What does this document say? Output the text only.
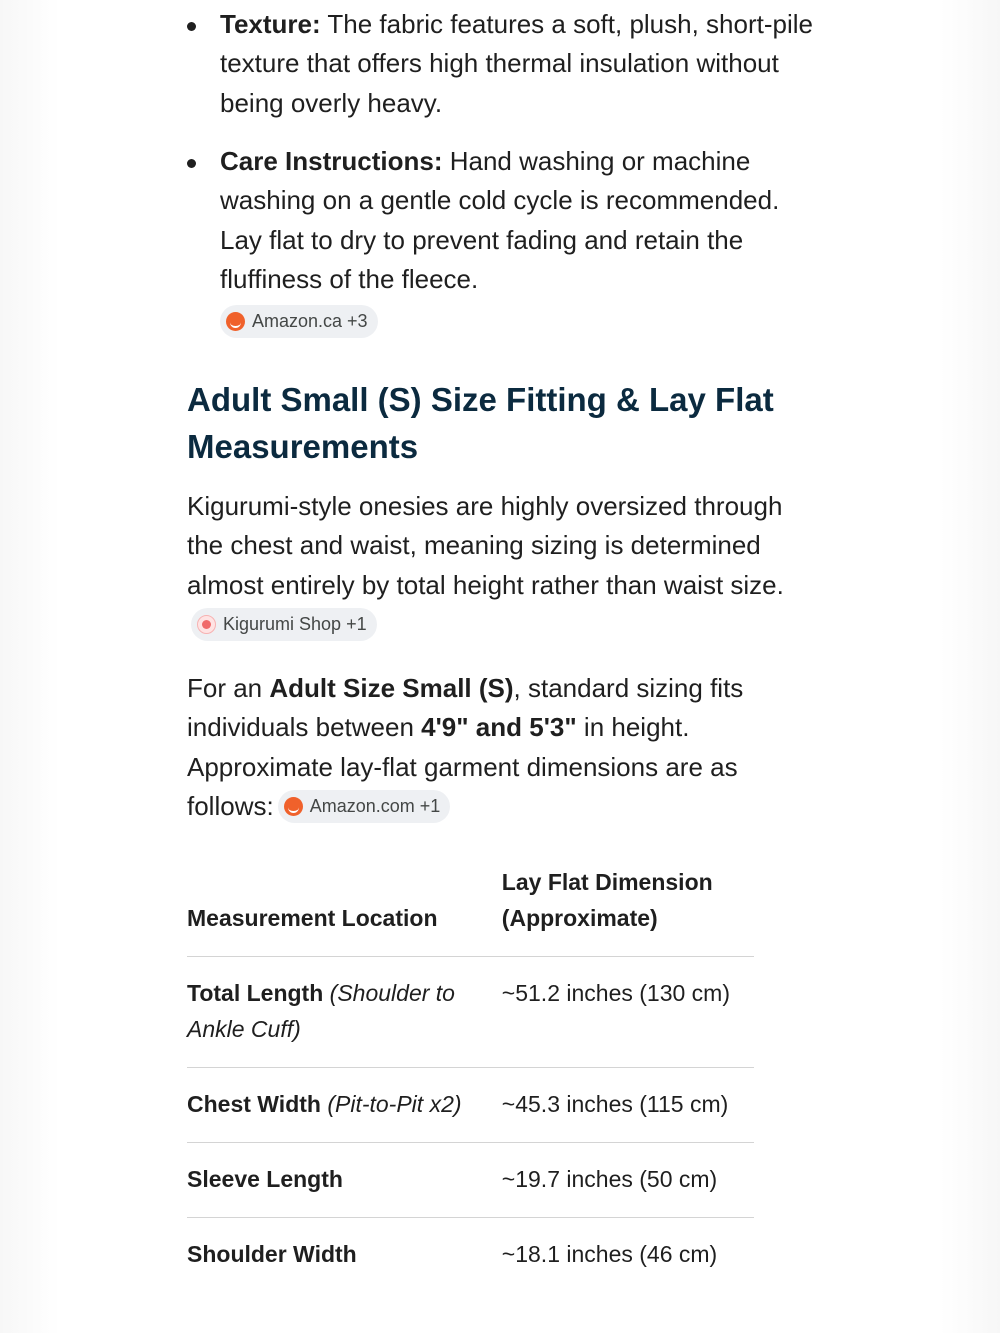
Texture: The fabric features a soft, plush, short-pile texture that offers high thermal insulation without being overly heavy.
Care Instructions: Hand washing or machine washing on a gentle cold cycle is recommended. Lay flat to dry to prevent fading and retain the fluffiness of the fleece.
Amazon.ca +3
Adult Small (S) Size Fitting & Lay Flat Measurements

Kigurumi-style onesies are highly oversized through the chest and waist, meaning sizing is determined almost entirely by total height rather than waist size.
Kigurumi Shop +1

For an Adult Size Small (S), standard sizing fits individuals between 4'9" and 5'3" in height. Approximate lay-flat garment dimensions are as follows: Amazon.com +1

Measurement Location	Lay Flat Dimension (Approximate)
Total Length (Shoulder to Ankle Cuff)	~51.2 inches (130 cm)
Chest Width (Pit-to-Pit x2)	~45.3 inches (115 cm)
Sleeve Length	~19.7 inches (50 cm)
Shoulder Width	~18.1 inches (46 cm)
